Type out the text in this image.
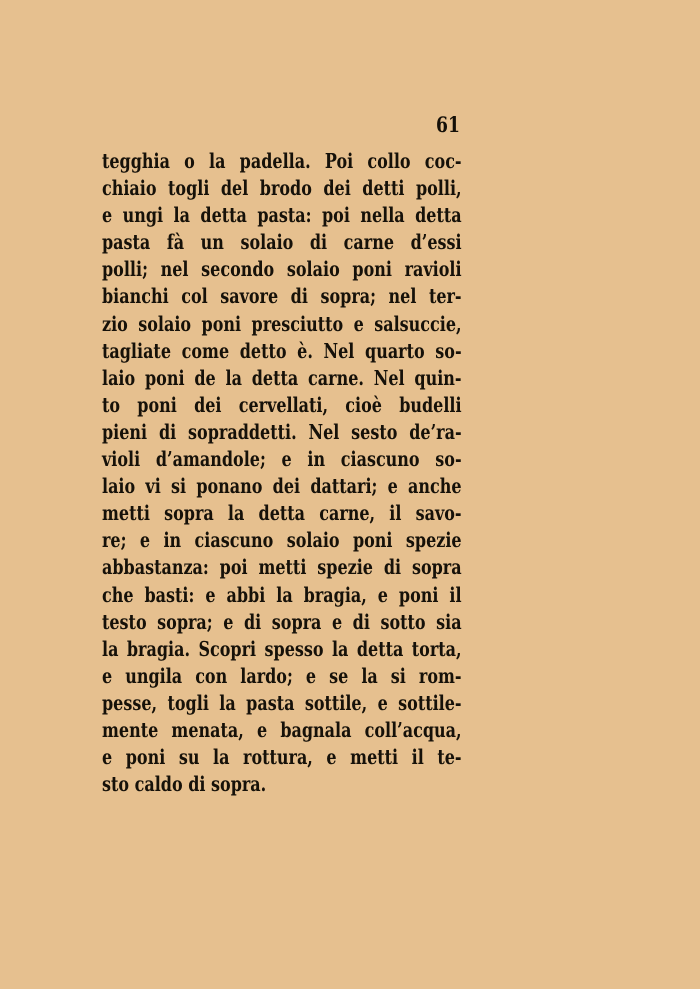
61
tegghia o la padella. Poi collo coc-
chiaio togli del brodo dei detti polli,
e ungi la detta pasta: poi nella detta
pasta fà un solaio di carne d’essi
polli; nel secondo solaio poni ravioli
bianchi col savore di sopra; nel ter-
zio solaio poni presciutto e salsuccie,
tagliate come detto è. Nel quarto so-
laio poni de la detta carne. Nel quin-
to poni dei cervellati, cioè budelli
pieni di sopraddetti. Nel sesto de’ra-
violi d’amandole; e in ciascuno so-
laio vi si ponano dei dattari; e anche
metti sopra la detta carne, il savo-
re; e in ciascuno solaio poni spezie
abbastanza: poi metti spezie di sopra
che basti: e abbi la bragia, e poni il
testo sopra; e di sopra e di sotto sia
la bragia. Scopri spesso la detta torta,
e ungila con lardo; e se la si rom-
pesse, togli la pasta sottile, e sottile-
mente menata, e bagnala coll’acqua,
e poni su la rottura, e metti il te-
sto caldo di sopra.
